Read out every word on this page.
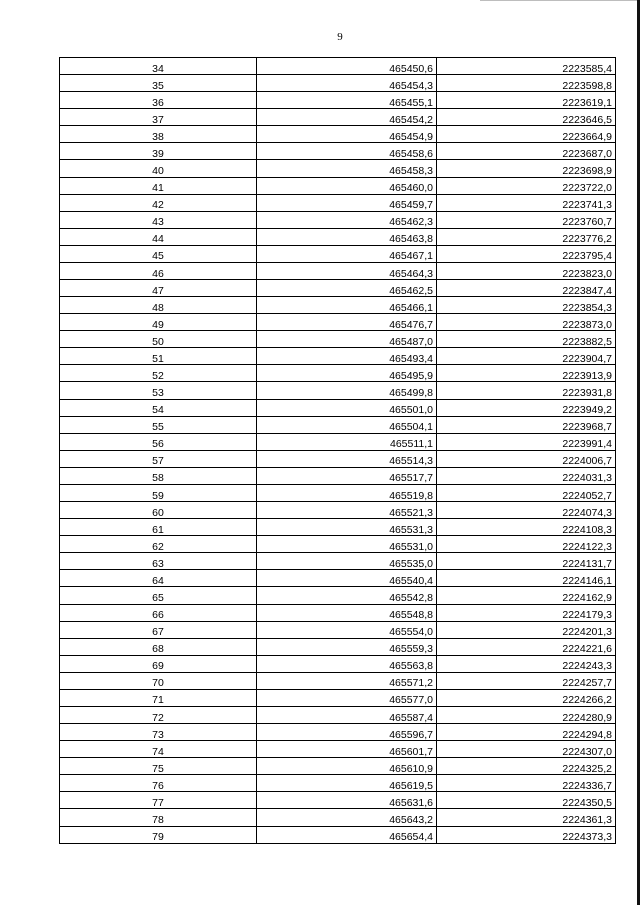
9
34	465450,6	2223585,4
35	465454,3	2223598,8
36	465455,1	2223619,1
37	465454,2	2223646,5
38	465454,9	2223664,9
39	465458,6	2223687,0
40	465458,3	2223698,9
41	465460,0	2223722,0
42	465459,7	2223741,3
43	465462,3	2223760,7
44	465463,8	2223776,2
45	465467,1	2223795,4
46	465464,3	2223823,0
47	465462,5	2223847,4
48	465466,1	2223854,3
49	465476,7	2223873,0
50	465487,0	2223882,5
51	465493,4	2223904,7
52	465495,9	2223913,9
53	465499,8	2223931,8
54	465501,0	2223949,2
55	465504,1	2223968,7
56	465511,1	2223991,4
57	465514,3	2224006,7
58	465517,7	2224031,3
59	465519,8	2224052,7
60	465521,3	2224074,3
61	465531,3	2224108,3
62	465531,0	2224122,3
63	465535,0	2224131,7
64	465540,4	2224146,1
65	465542,8	2224162,9
66	465548,8	2224179,3
67	465554,0	2224201,3
68	465559,3	2224221,6
69	465563,8	2224243,3
70	465571,2	2224257,7
71	465577,0	2224266,2
72	465587,4	2224280,9
73	465596,7	2224294,8
74	465601,7	2224307,0
75	465610,9	2224325,2
76	465619,5	2224336,7
77	465631,6	2224350,5
78	465643,2	2224361,3
79	465654,4	2224373,3
